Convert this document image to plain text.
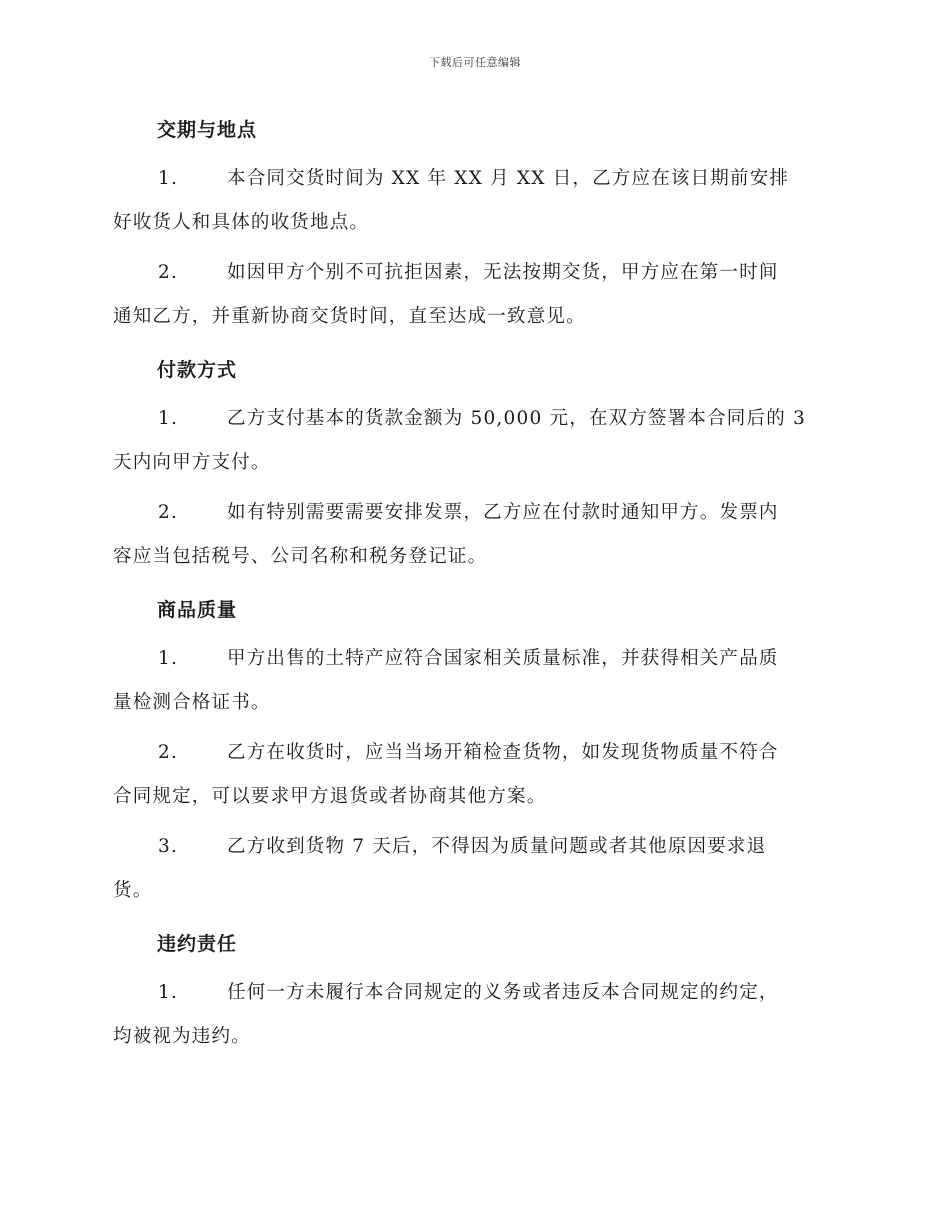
下载后可任意编辑
交期与地点
1.	本合同交货时间为 XX 年 XX 月 XX 日，乙方应在该日期前安排
好收货人和具体的收货地点。
2.	如因甲方个别不可抗拒因素，无法按期交货，甲方应在第一时间
通知乙方，并重新协商交货时间，直至达成一致意见。
付款方式
1.	乙方支付基本的货款金额为 50,000 元，在双方签署本合同后的 3
天内向甲方支付。
2.	如有特别需要需要安排发票，乙方应在付款时通知甲方。发票内
容应当包括税号、公司名称和税务登记证。
商品质量
1.	甲方出售的土特产应符合国家相关质量标准，并获得相关产品质
量检测合格证书。
2.	乙方在收货时，应当当场开箱检查货物，如发现货物质量不符合
合同规定，可以要求甲方退货或者协商其他方案。
3.	乙方收到货物 7 天后，不得因为质量问题或者其他原因要求退
货。
违约责任
1.	任何一方未履行本合同规定的义务或者违反本合同规定的约定，
均被视为违约。
